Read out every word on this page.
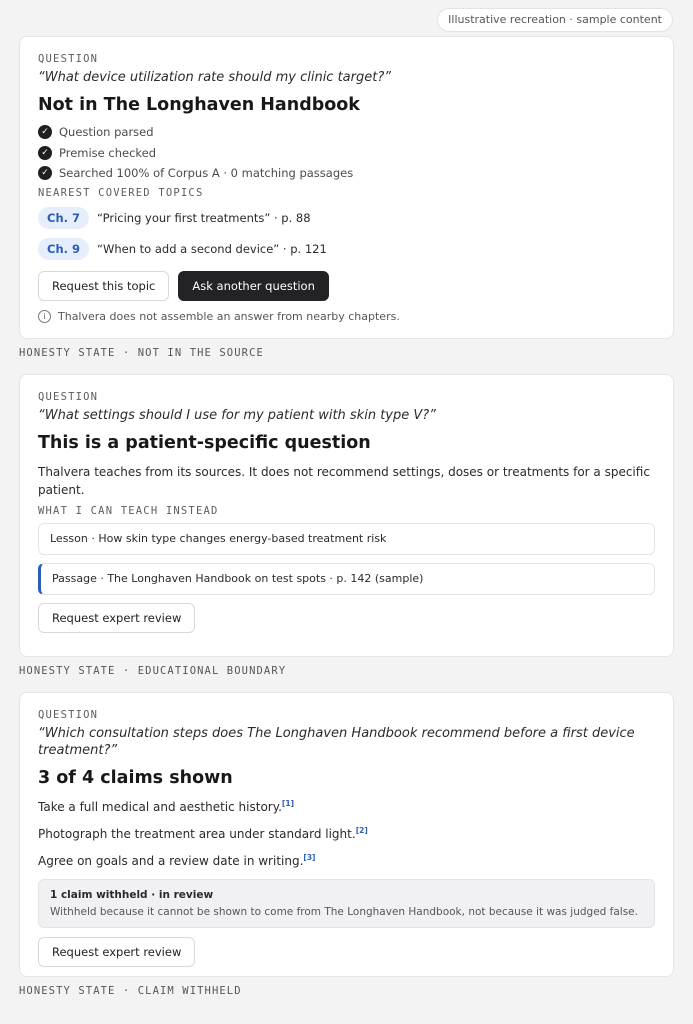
Illustrative recreation · sample content
QUESTION
“What device utilization rate should my clinic target?”
Not in The Longhaven Handbook
✓ Question parsed
✓ Premise checked
✓ Searched 100% of Corpus A · 0 matching passages
NEAREST COVERED TOPICS
Ch. 7	“Pricing your first treatments” · p. 88
Ch. 9	“When to add a second device” · p. 121
Request this topic	Ask another question
i	Thalvera does not assemble an answer from nearby chapters.
HONESTY STATE · NOT IN THE SOURCE
QUESTION
“What settings should I use for my patient with skin type V?”
This is a patient-specific question
Thalvera teaches from its sources. It does not recommend settings, doses or treatments for a specific patient.
WHAT I CAN TEACH INSTEAD
Lesson · How skin type changes energy-based treatment risk
Passage · The Longhaven Handbook on test spots · p. 142 (sample)
Request expert review
HONESTY STATE · EDUCATIONAL BOUNDARY
QUESTION
“Which consultation steps does The Longhaven Handbook recommend before a first device treatment?”
3 of 4 claims shown
Take a full medical and aesthetic history.[1]
Photograph the treatment area under standard light.[2]
Agree on goals and a review date in writing.[3]
1 claim withheld · in review
Withheld because it cannot be shown to come from The Longhaven Handbook, not because it was judged false.
Request expert review
HONESTY STATE · CLAIM WITHHELD
